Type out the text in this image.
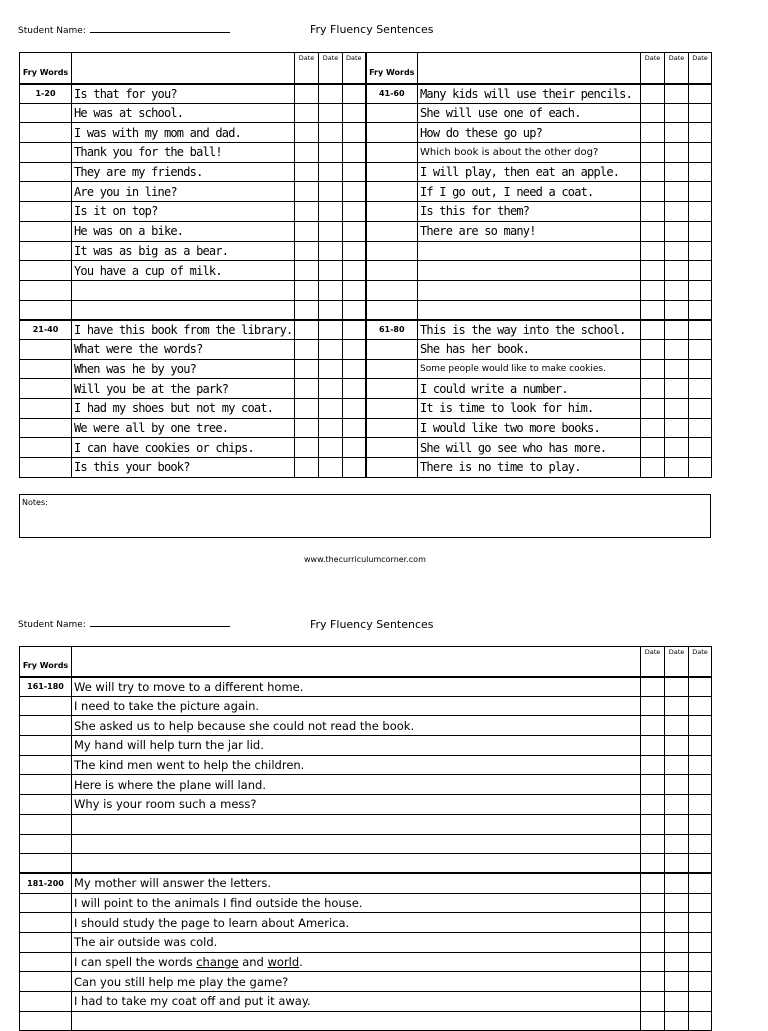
Student Name:	Fry Fluency Sentences
Fry Words		Date	Date	Date	Fry Words		Date	Date	Date
1-20	Is that for you?				41-60	Many kids will use their pencils.			
	He was at school.					She will use one of each.			
	I was with my mom and dad.					How do these go up?			
	Thank you for the ball!					Which book is about the other dog?			
	They are my friends.					I will play, then eat an apple.			
	Are you in line?					If I go out, I need a coat.			
	Is it on top?					Is this for them?			
	He was on a bike.					There are so many!			
	It was as big as a bear.								
	You have a cup of milk.								

21-40	I have this book from the library.				61-80	This is the way into the school.			
	What were the words?					She has her book.			
	When was he by you?					Some people would like to make cookies.			
	Will you be at the park?					I could write a number.			
	I had my shoes but not my coat.					It is time to look for him.			
	We were all by one tree.					I would like two more books.			
	I can have cookies or chips.					She will go see who has more.			
	Is this your book?					There is no time to play.			
Notes:
www.thecurriculumcorner.com
Student Name:	Fry Fluency Sentences
Fry Words		Date	Date	Date
161-180	We will try to move to a different home.			
	I need to take the picture again.			
	She asked us to help because she could not read the book.			
	My hand will help turn the jar lid.			
	The kind men went to help the children.			
	Here is where the plane will land.			
	Why is your room such a mess?			

181-200	My mother will answer the letters.			
	I will point to the animals I find outside the house.			
	I should study the page to learn about America.			
	The air outside was cold.			
	I can spell the words change and world.			
	Can you still help me play the game?			
	I had to take my coat off and put it away.			
